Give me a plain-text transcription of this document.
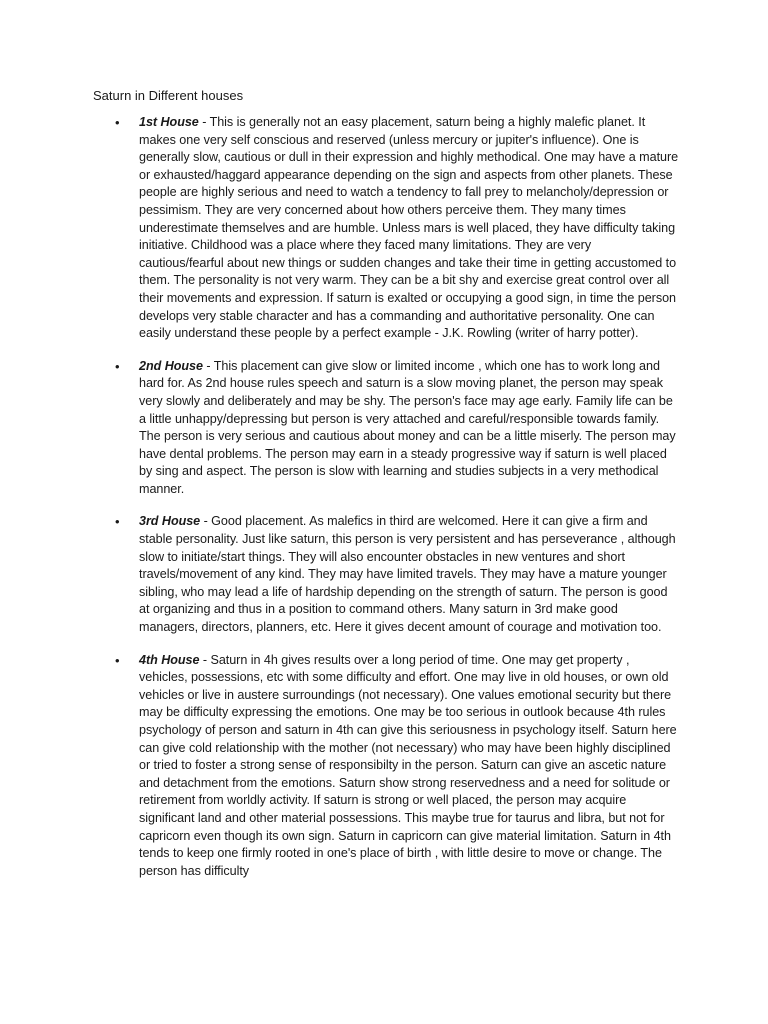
Saturn in Different houses
• 1st House - This is generally not an easy placement, saturn being a highly malefic planet. It makes one very self conscious and reserved (unless mercury or jupiter's influence). One is generally slow, cautious or dull in their expression and highly methodical. One may have a mature or exhausted/haggard appearance depending on the sign and aspects from other planets. These people are highly serious and need to watch a tendency to fall prey to melancholy/depression or pessimism. They are very concerned about how others perceive them. They many times underestimate themselves and are humble. Unless mars is well placed, they have difficulty taking initiative. Childhood was a place where they faced many limitations. They are very cautious/fearful about new things or sudden changes and take their time in getting accustomed to them. The personality is not very warm. They can be a bit shy and exercise great control over all their movements and expression. If saturn is exalted or occupying a good sign, in time the person develops very stable character and has a commanding and authoritative personality. One can easily understand these people by a perfect example - J.K. Rowling (writer of harry potter).
• 2nd House - This placement can give slow or limited income , which one has to work long and hard for. As 2nd house rules speech and saturn is a slow moving planet, the person may speak very slowly and deliberately and may be shy. The person's face may age early. Family life can be a little unhappy/depressing but person is very attached and careful/responsible towards family. The person is very serious and cautious about money and can be a little miserly. The person may have dental problems. The person may earn in a steady progressive way if saturn is well placed by sing and aspect. The person is slow with learning and studies subjects in a very methodical manner.
• 3rd House - Good placement. As malefics in third are welcomed. Here it can give a firm and stable personality. Just like saturn, this person is very persistent and has perseverance , although slow to initiate/start things. They will also encounter obstacles in new ventures and short travels/movement of any kind. They may have limited travels. They may have a mature younger sibling, who may lead a life of hardship depending on the strength of saturn. The person is good at organizing and thus in a position to command others. Many saturn in 3rd make good managers, directors, planners, etc. Here it gives decent amount of courage and motivation too.
• 4th House - Saturn in 4h gives results over a long period of time. One may get property , vehicles, possessions, etc with some difficulty and effort. One may live in old houses, or own old vehicles or live in austere surroundings (not necessary). One values emotional security but there may be difficulty expressing the emotions. One may be too serious in outlook because 4th rules psychology of person and saturn in 4th can give this seriousness in psychology itself. Saturn here can give cold relationship with the mother (not necessary) who may have been highly disciplined or tried to foster a strong sense of responsibilty in the person. Saturn can give an ascetic nature and detachment from the emotions. Saturn show strong reservedness and a need for solitude or retirement from worldly activity. If saturn is strong or well placed, the person may acquire significant land and other material possessions. This maybe true for taurus and libra, but not for capricorn even though its own sign. Saturn in capricorn can give material limitation. Saturn in 4th tends to keep one firmly rooted in one's place of birth , with little desire to move or change. The person has difficulty
